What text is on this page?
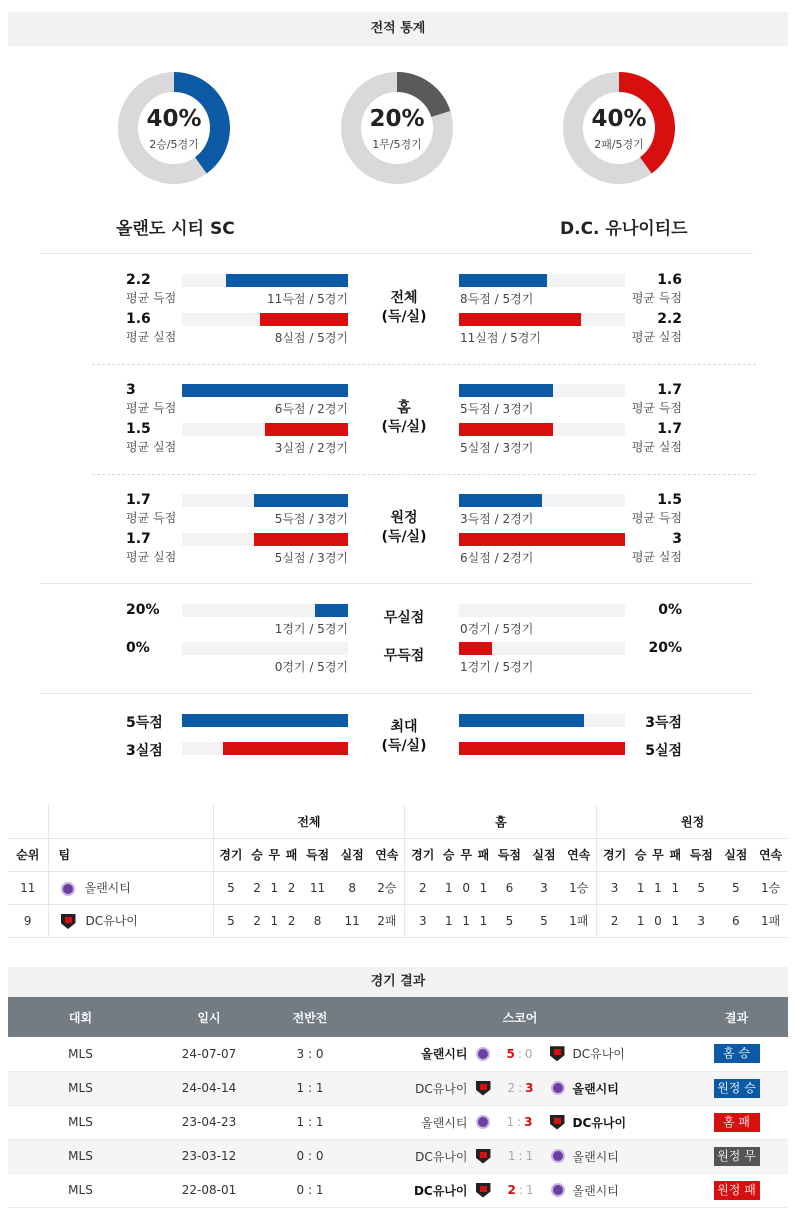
전적 통계
40%
2승/5경기
20%
1무/5경기
40%
2패/5경기
올랜도 시티 SC	D.C. 유나이티드
2.2
평균 득점	11득점 / 5경기
1.6
평균 득점
8득점 / 5경기
1.6
평균 실점	8실점 / 5경기
2.2
평균 실점
11실점 / 5경기
전체
(득/실)
3
평균 득점	6득점 / 2경기
1.7
평균 득점
5득점 / 3경기
1.5
평균 실점	3실점 / 2경기
1.7
평균 실점
5실점 / 3경기
홈
(득/실)
1.7
평균 득점	5득점 / 3경기
1.5
평균 득점
3득점 / 2경기
1.7
평균 실점	5실점 / 3경기
3
평균 실점
6실점 / 2경기
원정
(득/실)
20%
1경기 / 5경기
0%
0경기 / 5경기
0%
0경기 / 5경기
20%
1경기 / 5경기
무실점
무득점
5득점	3득점
3실점	5실점
최대
(득/실)
		전체							홈							원정						
순위	팀	경기	승	무	패	득점	실점	연속	경기	승	무	패	득점	실점	연속	경기	승	무	패	득점	실점	연속
11	올랜시티	5	2	1	2	11	8	2승	2	1	0	1	6	3	1승	3	1	1	1	5	5	1승
9	DC유나이	5	2	1	2	8	11	2패	3	1	1	1	5	5	1패	2	1	0	1	3	6	1패
경기 결과
대회	일시	전반전	스코어	결과
MLS	24-07-07	3 : 0	올랜시티 5 : 0 DC유나이	홈 승
MLS	24-04-14	1 : 1	DC유나이 2 : 3 올랜시티	원정 승
MLS	23-04-23	1 : 1	올랜시티 1 : 3 DC유나이	홈 패
MLS	23-03-12	0 : 0	DC유나이 1 : 1 올랜시티	원정 무
MLS	22-08-01	0 : 1	DC유나이 2 : 1 올랜시티	원정 패
